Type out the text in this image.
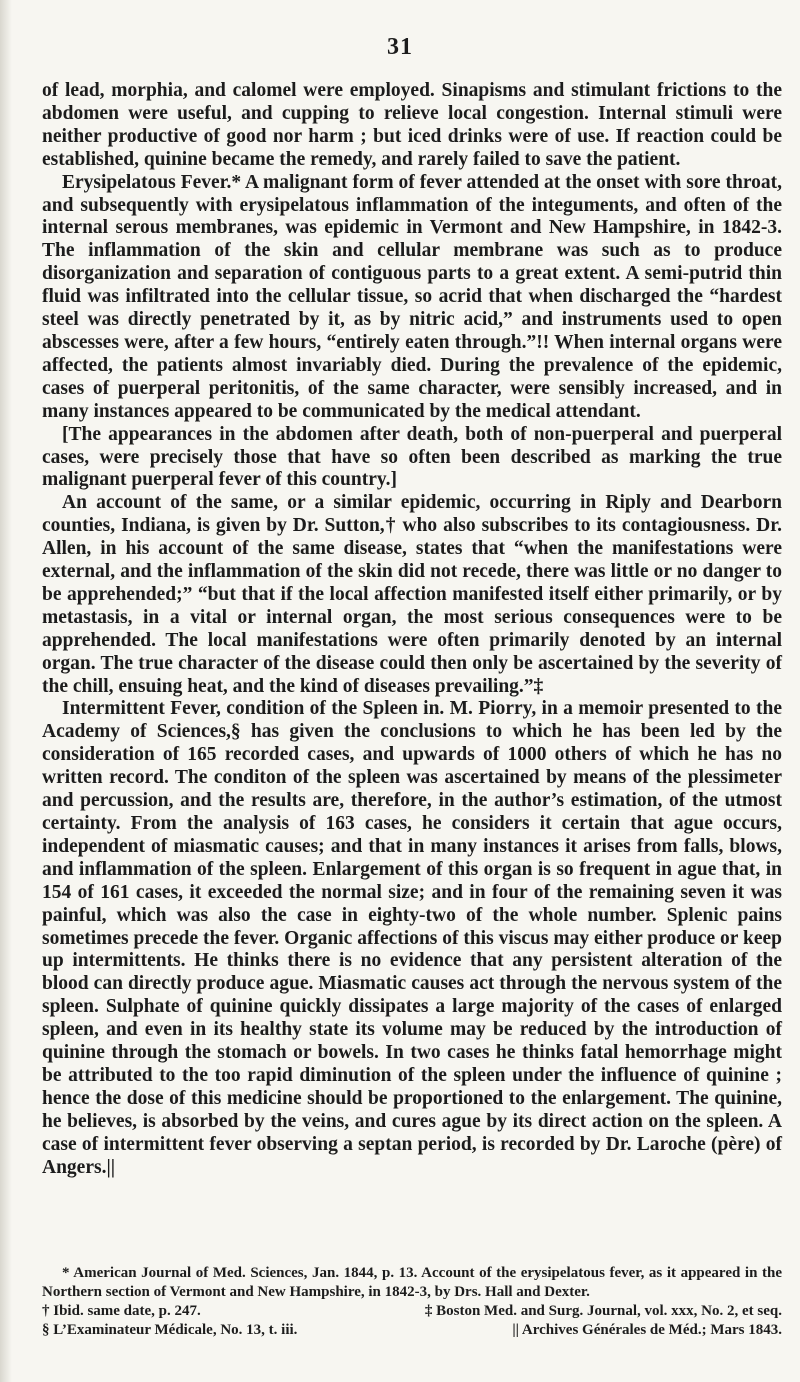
31

of lead, morphia, and calomel were employed. Sinapisms and stimulant frictions to the abdomen were useful, and cupping to relieve local congestion. Internal stimuli were neither productive of good nor harm ; but iced drinks were of use. If reaction could be established, quinine became the remedy, and rarely failed to save the patient.

Erysipelatous Fever.* A malignant form of fever attended at the onset with sore throat, and subsequently with erysipelatous inflammation of the integuments, and often of the internal serous membranes, was epidemic in Vermont and New Hampshire, in 1842-3. The inflammation of the skin and cellular membrane was such as to produce disorganization and separation of contiguous parts to a great extent. A semi-putrid thin fluid was infiltrated into the cellular tissue, so acrid that when discharged the “hardest steel was directly penetrated by it, as by nitric acid,” and instruments used to open abscesses were, after a few hours, “entirely eaten through.”!! When internal organs were affected, the patients almost invariably died. During the prevalence of the epidemic, cases of puerperal peritonitis, of the same character, were sensibly increased, and in many instances appeared to be communicated by the medical attendant.

[The appearances in the abdomen after death, both of non-puerperal and puerperal cases, were precisely those that have so often been described as marking the true malignant puerperal fever of this country.]

An account of the same, or a similar epidemic, occurring in Riply and Dearborn counties, Indiana, is given by Dr. Sutton,† who also subscribes to its contagiousness. Dr. Allen, in his account of the same disease, states that “when the manifestations were external, and the inflammation of the skin did not recede, there was little or no danger to be apprehended;” “but that if the local affection manifested itself either primarily, or by metastasis, in a vital or internal organ, the most serious consequences were to be apprehended. The local manifestations were often primarily denoted by an internal organ. The true character of the disease could then only be ascertained by the severity of the chill, ensuing heat, and the kind of diseases prevailing.”‡

Intermittent Fever, condition of the Spleen in. M. Piorry, in a memoir presented to the Academy of Sciences,§ has given the conclusions to which he has been led by the consideration of 165 recorded cases, and upwards of 1000 others of which he has no written record. The conditon of the spleen was ascertained by means of the plessimeter and percussion, and the results are, therefore, in the author’s estimation, of the utmost certainty. From the analysis of 163 cases, he considers it certain that ague occurs, independent of miasmatic causes; and that in many instances it arises from falls, blows, and inflammation of the spleen. Enlargement of this organ is so frequent in ague that, in 154 of 161 cases, it exceeded the normal size; and in four of the remaining seven it was painful, which was also the case in eighty-two of the whole number. Splenic pains sometimes precede the fever. Organic affections of this viscus may either produce or keep up intermittents. He thinks there is no evidence that any persistent alteration of the blood can directly produce ague. Miasmatic causes act through the nervous system of the spleen. Sulphate of quinine quickly dissipates a large majority of the cases of enlarged spleen, and even in its healthy state its volume may be reduced by the introduction of quinine through the stomach or bowels. In two cases he thinks fatal hemorrhage might be attributed to the too rapid diminution of the spleen under the influence of quinine ; hence the dose of this medicine should be proportioned to the enlargement. The quinine, he believes, is absorbed by the veins, and cures ague by its direct action on the spleen. A case of intermittent fever observing a septan period, is recorded by Dr. Laroche (père) of Angers.||

* American Journal of Med. Sciences, Jan. 1844, p. 13. Account of the erysipelatous fever, as it appeared in the Northern section of Vermont and New Hampshire, in 1842-3, by Drs. Hall and Dexter.

† Ibid. same date, p. 247.	‡ Boston Med. and Surg. Journal, vol. xxx, No. 2, et seq.
§ L’Examinateur Médicale, No. 13, t. iii.	|| Archives Générales de Méd.; Mars 1843.
